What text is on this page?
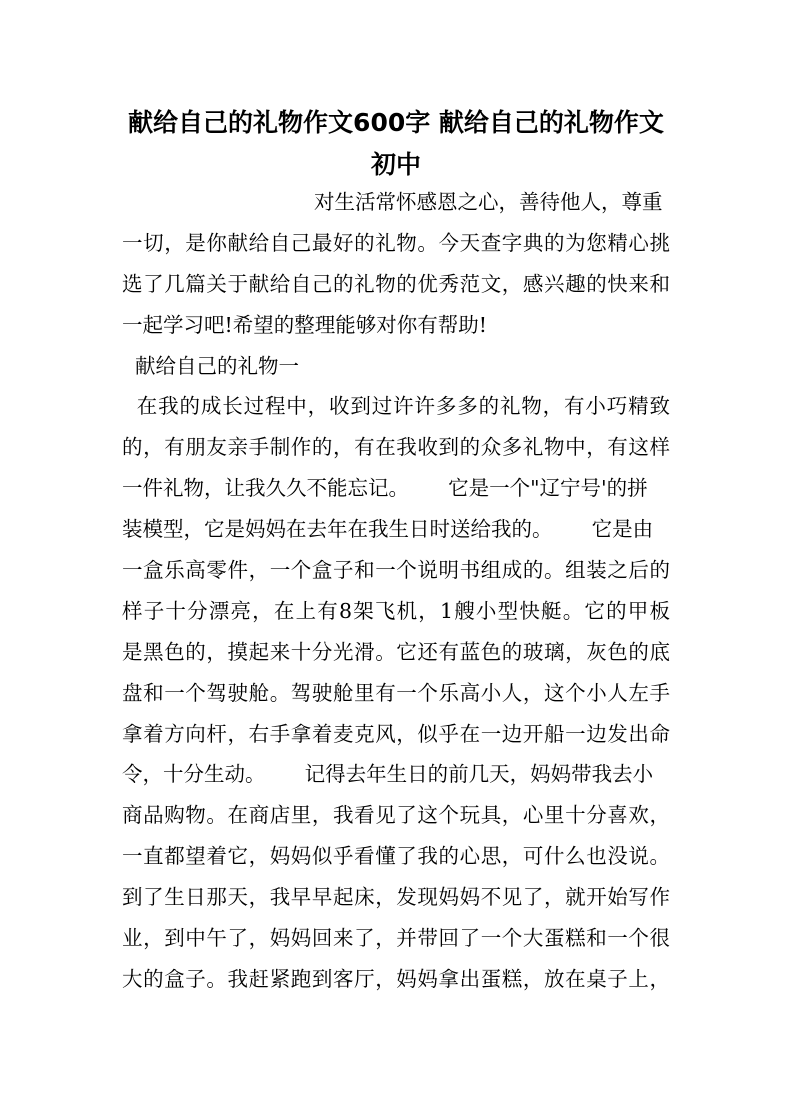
献给自己的礼物作文600字 献给自己的礼物作文初中
对生活常怀感恩之心，善待他人，尊重
一切，是你献给自己最好的礼物。今天查字典的为您精心挑
选了几篇关于献给自己的礼物的优秀范文，感兴趣的快来和
一起学习吧!希望的整理能够对你有帮助!
献给自己的礼物一
在我的成长过程中，收到过许许多多的礼物，有小巧精致
的，有朋友亲手制作的，有在我收到的众多礼物中，有这样
一件礼物，让我久久不能忘记。      它是一个"辽宁号'的拼
装模型，它是妈妈在去年在我生日时送给我的。      它是由
一盒乐高零件，一个盒子和一个说明书组成的。组装之后的
样子十分漂亮，在上有8架飞机，1艘小型快艇。它的甲板
是黑色的，摸起来十分光滑。它还有蓝色的玻璃，灰色的底
盘和一个驾驶舱。驾驶舱里有一个乐高小人，这个小人左手
拿着方向杆，右手拿着麦克风，似乎在一边开船一边发出命
令，十分生动。      记得去年生日的前几天，妈妈带我去小
商品购物。在商店里，我看见了这个玩具，心里十分喜欢，
一直都望着它，妈妈似乎看懂了我的心思，可什么也没说。
到了生日那天，我早早起床，发现妈妈不见了，就开始写作
业，到中午了，妈妈回来了，并带回了一个大蛋糕和一个很
大的盒子。我赶紧跑到客厅，妈妈拿出蛋糕，放在桌子上，
